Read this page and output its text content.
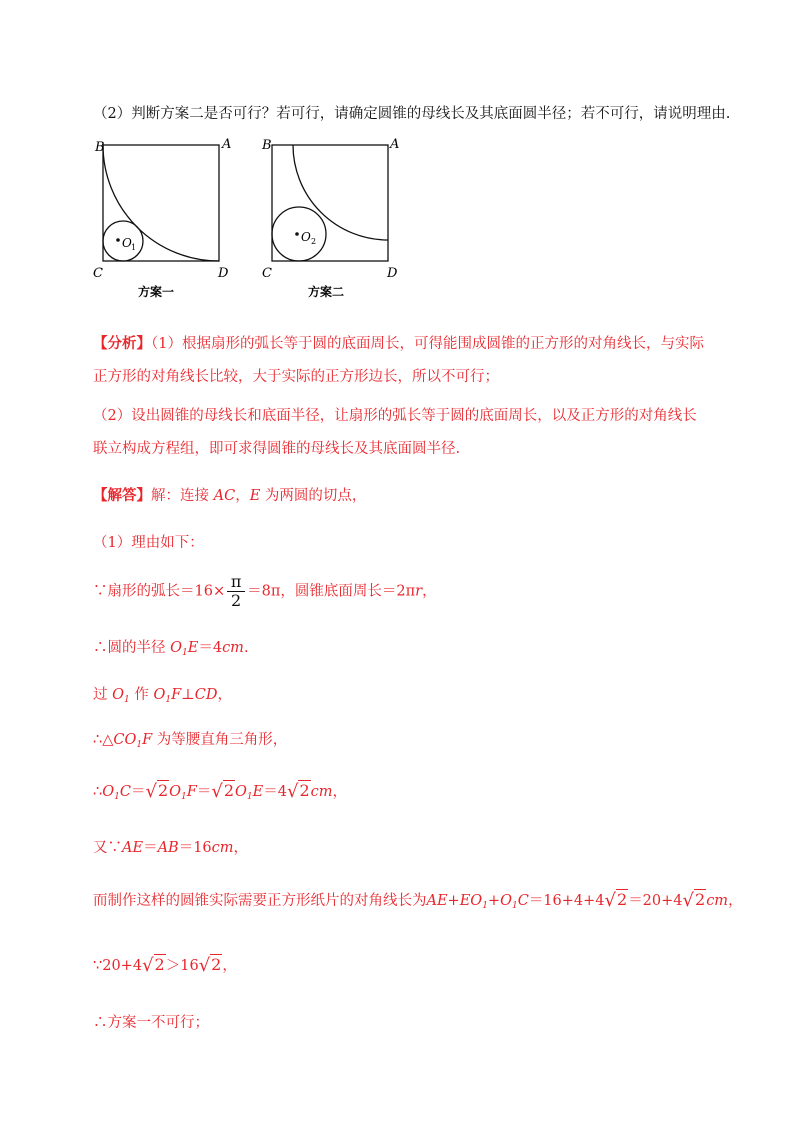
（2）判断方案二是否可行？若可行，请确定圆锥的母线长及其底面圆半径；若不可行，请说明理由.
B	A
C	D
O 1
方案一
B	A
C	D
O 2
方案二
【分析】（1）根据扇形的弧长等于圆的底面周长，可得能围成圆锥的正方形的对角线长，与实际正方形的对角线长比较，大于实际的正方形边长，所以不可行；
（2）设出圆锥的母线长和底面半径，让扇形的弧长等于圆的底面周长，以及正方形的对角线长联立构成方程组，即可求得圆锥的母线长及其底面圆半径.
【解答】解：连接 AC，E 为两圆的切点，
（1）理由如下：
∵扇形的弧长$=16\times \frac{\pi}{2} =8\pi$，圆锥底面周长＝2πr，
∴圆的半径 $O_1E=4cm$.
过 $O_1$ 作 $O_1F\perp CD$，
$\therefore\triangle CO_1F$ 为等腰直角三角形，
$\therefore O_1C=√2O_1F=√2O_1E=4√2cm$，
又∵AE＝AB＝16cm，
而制作这样的圆锥实际需要正方形纸片的对角线长为$AE+EO_1+O_1C=16+4+4√2=20+4√2cm$，
∵20+4√2＞16√2，
∴方案一不可行；
